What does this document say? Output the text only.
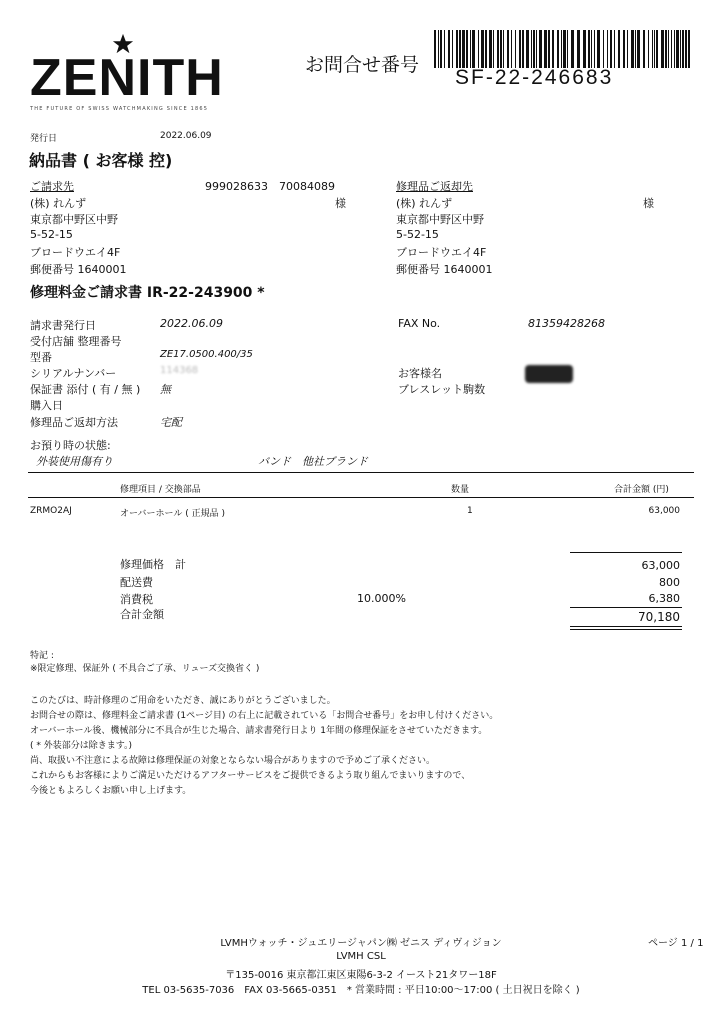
ZENITH
THE FUTURE OF SWISS WATCHMAKING SINCE 1865
お問合せ番号
SF-22-246683
発行日	2022.06.09
納品書 ( お客様 控)
ご請求先	999028633　70084089
(株) れんず	様
東京都中野区中野
5-52-15
ブロードウエイ4F
郵便番号 1640001
修理品ご返却先
(株) れんず	様
東京都中野区中野
5-52-15
ブロードウエイ4F
郵便番号 1640001
修理料金ご請求書 IR-22-243900 *
請求書発行日	2022.06.09
受付店舗 整理番号
型番	ZE17.0500.400/35
シリアルナンバー	114368
保証書 添付 ( 有 / 無 ) 無
購入日
修理品ご返却方法	宅配
FAX No.	81359428268
お客様名
ブレスレット駒数
お預り時の状態:
外装使用傷有り	バンド　他社ブランド
修理項目 / 交換部品	数量	合計金額 (円)
ZRMO2AJ	オーバーホール ( 正規品 )	1	63,000
修理価格　計	63,000
配送費	800
消費税	10.000%	6,380
合計金額	70,180
特記 :
※限定修理、保証外 ( 不具合ご了承、リューズ交換省く )
このたびは、時計修理のご用命をいただき、誠にありがとうございました。
お問合せの際は、修理料金ご請求書 (1ページ目) の右上に記載されている「お問合せ番号」をお申し付けください。
オーバーホール後、機械部分に不具合が生じた場合、請求書発行日より 1年間の修理保証をさせていただきます。
( * 外装部分は除きます。)
尚、取扱い不注意による故障は修理保証の対象とならない場合がありますので予めご了承ください。
これからもお客様によりご満足いただけるアフターサービスをご提供できるよう取り組んでまいりますので、
今後ともよろしくお願い申し上げます。
LVMHウォッチ・ジュエリージャパン㈱ ゼニス ディヴィジョン	ページ 1 / 1
LVMH CSL
〒135-0016 東京都江東区東陽6-3-2 イースト21タワー18F
TEL 03-5635-7036　FAX 03-5665-0351　* 営業時間 : 平日10:00～17:00 ( 土日祝日を除く )
